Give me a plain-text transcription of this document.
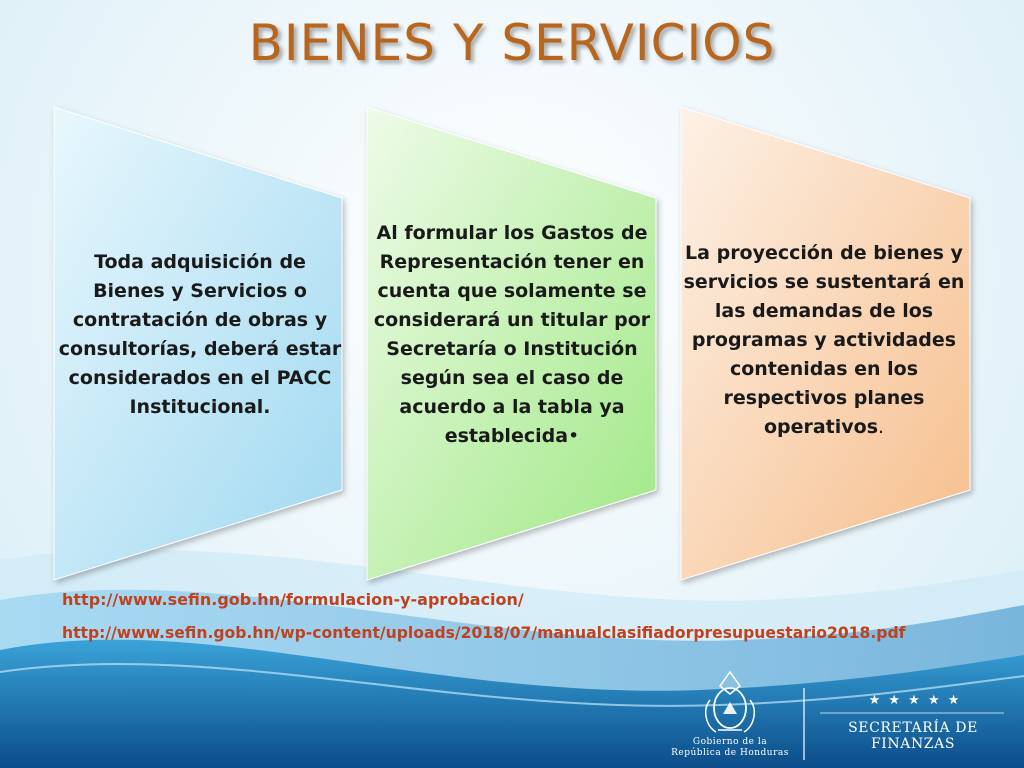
BIENES Y SERVICIOS
Toda adquisición de Bienes y Servicios o contratación de obras y consultorías, deberá estar considerados en el PACC Institucional.
Al formular los Gastos de Representación tener en cuenta que solamente se considerará un titular por Secretaría o Institución según sea el caso de acuerdo a la tabla ya establecida•
La proyección de bienes y servicios se sustentará en las demandas de los programas y actividades contenidas en los respectivos planes operativos.
http://www.sefin.gob.hn/formulacion-y-aprobacion/
http://www.sefin.gob.hn/wp-content/uploads/2018/07/manualclasifiadorpresupuestario2018.pdf
Gobierno de la
República de Honduras
★ ★ ★ ★ ★
SECRETARÍA DE FINANZAS
